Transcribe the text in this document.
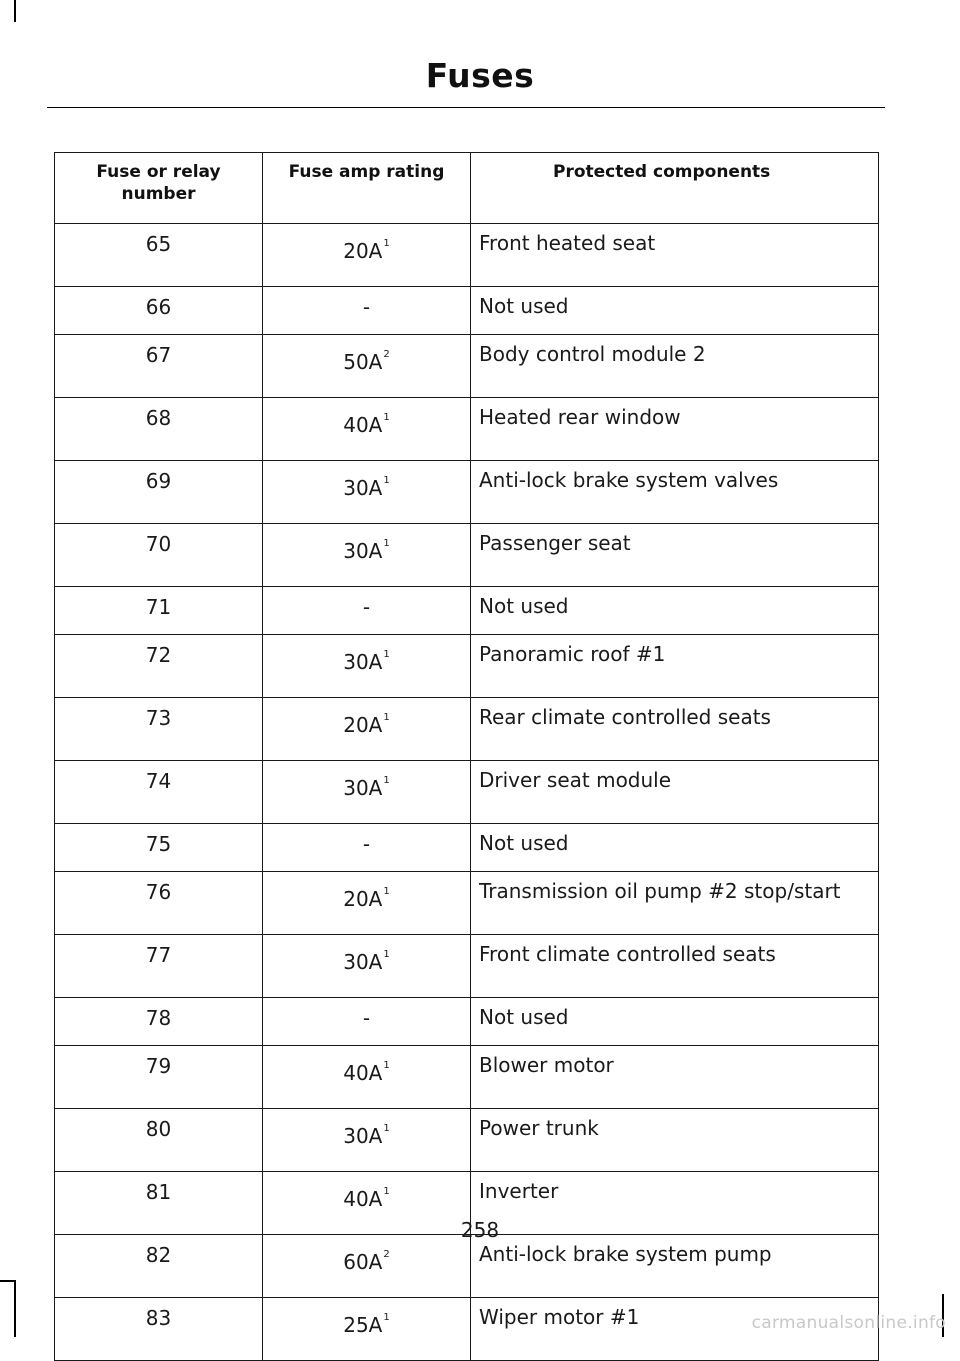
Fuses
Fuse or relay number	Fuse amp rating	Protected components
65	$20A^1$	Front heated seat
66	-	Not used
67	$50A^2$	Body control module 2
68	$40A^1$	Heated rear window
69	$30A^1$	Anti-lock brake system valves
70	$30A^1$	Passenger seat
71	-	Not used
72	$30A^1$	Panoramic roof #1
73	$20A^1$	Rear climate controlled seats
74	$30A^1$	Driver seat module
75	-	Not used
76	$20A^1$	Transmission oil pump #2 stop/start
77	$30A^1$	Front climate controlled seats
78	-	Not used
79	$40A^1$	Blower motor
80	$30A^1$	Power trunk
81	$40A^1$	Inverter
82	$60A^2$	Anti-lock brake system pump
83	$25A^1$	Wiper motor #1
258
carmanualsonline.info
